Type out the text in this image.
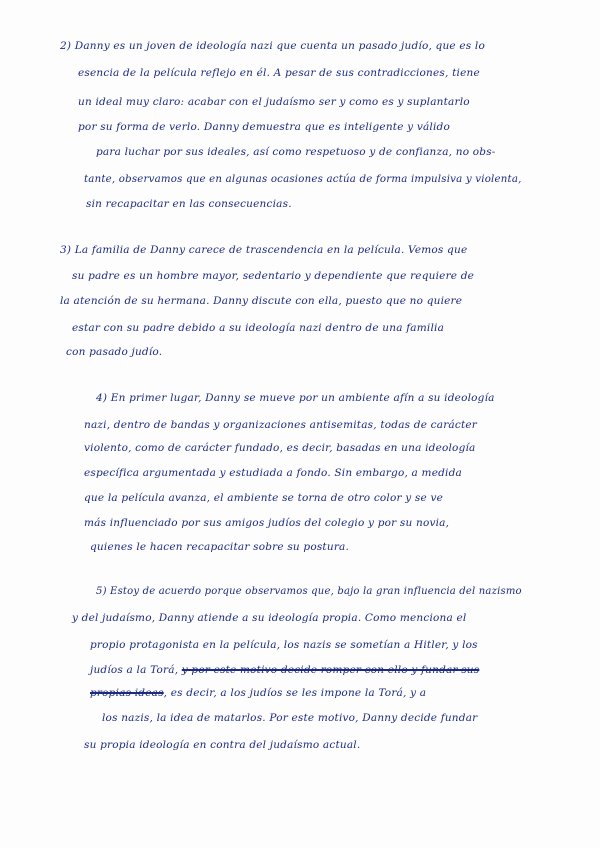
2) Danny es un joven de ideología nazi que cuenta un pasado judío, que es lo
esencia de la película reflejo en él. A pesar de sus contradicciones, tiene
un ideal muy claro: acabar con el judaísmo ser y como es y suplantarlo
por su forma de verlo. Danny demuestra que es inteligente y válido
para luchar por sus ideales, así como respetuoso y de confianza, no obs-
tante, observamos que en algunas ocasiones actúa de forma impulsiva y violenta,
sin recapacitar en las consecuencias.
3) La familia de Danny carece de trascendencia en la película. Vemos que
su padre es un hombre mayor, sedentario y dependiente que requiere de
la atención de su hermana. Danny discute con ella, puesto que no quiere
estar con su padre debido a su ideología nazi dentro de una familia
con pasado judío.
4) En primer lugar, Danny se mueve por un ambiente afín a su ideología
nazi, dentro de bandas y organizaciones antisemitas, todas de carácter
violento, como de carácter fundado, es decir, basadas en una ideología
específica argumentada y estudiada a fondo. Sin embargo, a medida
que la película avanza, el ambiente se torna de otro color y se ve
más influenciado por sus amigos judíos del colegio y por su novia,
quienes le hacen recapacitar sobre su postura.
5) Estoy de acuerdo porque observamos que, bajo la gran influencia del nazismo
y del judaísmo, Danny atiende a su ideología propia. Como menciona el
propio protagonista en la película, los nazis se sometían a Hitler, y los
judíos a la Torá, y por este motivo decide romper con ello y fundar sus
propias ideas, es decir, a los judíos se les impone la Torá, y a
los nazis, la idea de matarlos. Por este motivo, Danny decide fundar
su propia ideología en contra del judaísmo actual.
